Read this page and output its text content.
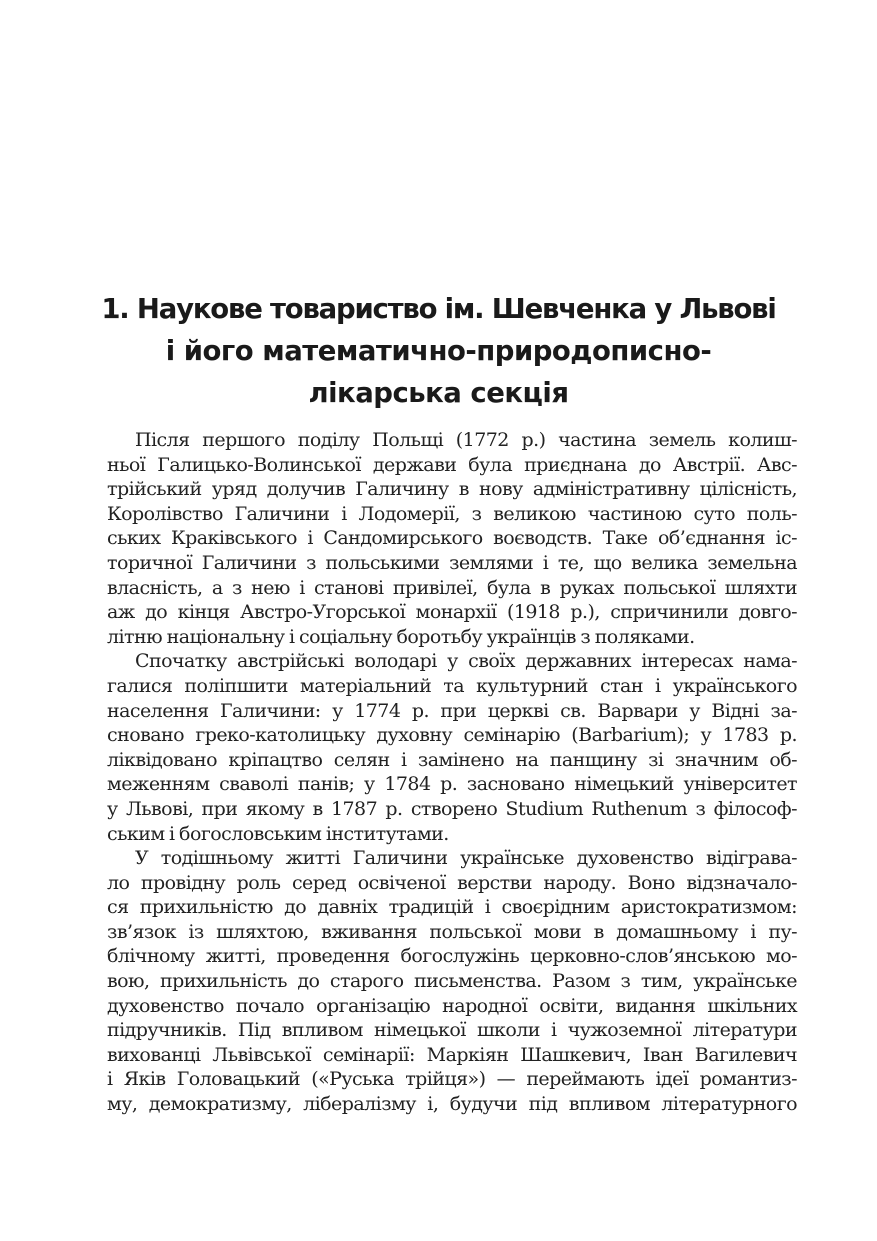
1. Наукове товариство ім. Шевченка у Львові
і його математично-природописно-
лікарська секція

Після першого поділу Польщі (1772 р.) частина земель колиш-
ньої Галицько-Волинської держави була приєднана до Австрії. Авс-
трійський уряд долучив Галичину в нову адміністративну цілісність,
Королівство Галичини і Лодомерії, з великою частиною суто поль-
ських Краківського і Сандомирського воєводств. Таке об’єднання іс-
торичної Галичини з польськими землями і те, що велика земельна
власність, а з нею і станові привілеї, була в руках польської шляхти
аж до кінця Австро-Угорської монархії (1918 р.), спричинили довго-
літню національну і соціальну боротьбу українців з поляками.

Спочатку австрійські володарі у своїх державних інтересах нама-
галися поліпшити матеріальний та культурний стан і українського
населення Галичини: у 1774 р. при церкві св. Варвари у Відні за-
сновано греко-католицьку духовну семінарію (Barbarium); у 1783 р.
ліквідовано кріпацтво селян і замінено на панщину зі значним об-
меженням сваволі панів; у 1784 р. засновано німецький університет
у Львові, при якому в 1787 р. створено Studium Ruthenum з філософ-
ським і богословським інститутами.

У тодішньому житті Галичини українське духовенство відіграва-
ло провідну роль серед освіченої верстви народу. Воно відзначало-
ся прихильністю до давніх традицій і своєрідним аристократизмом:
зв’язок із шляхтою, вживання польської мови в домашньому і пу-
блічному житті, проведення богослужінь церковно-слов’янською мо-
вою, прихильність до старого письменства. Разом з тим, українське
духовенство почало організацію народної освіти, видання шкільних
підручників. Під впливом німецької школи і чужоземної літератури
вихованці Львівської семінарії: Маркіян Шашкевич, Іван Вагилевич
і Яків Головацький («Руська трійця») — переймають ідеї романтиз-
му, демократизму, лібералізму і, будучи під впливом літературного
